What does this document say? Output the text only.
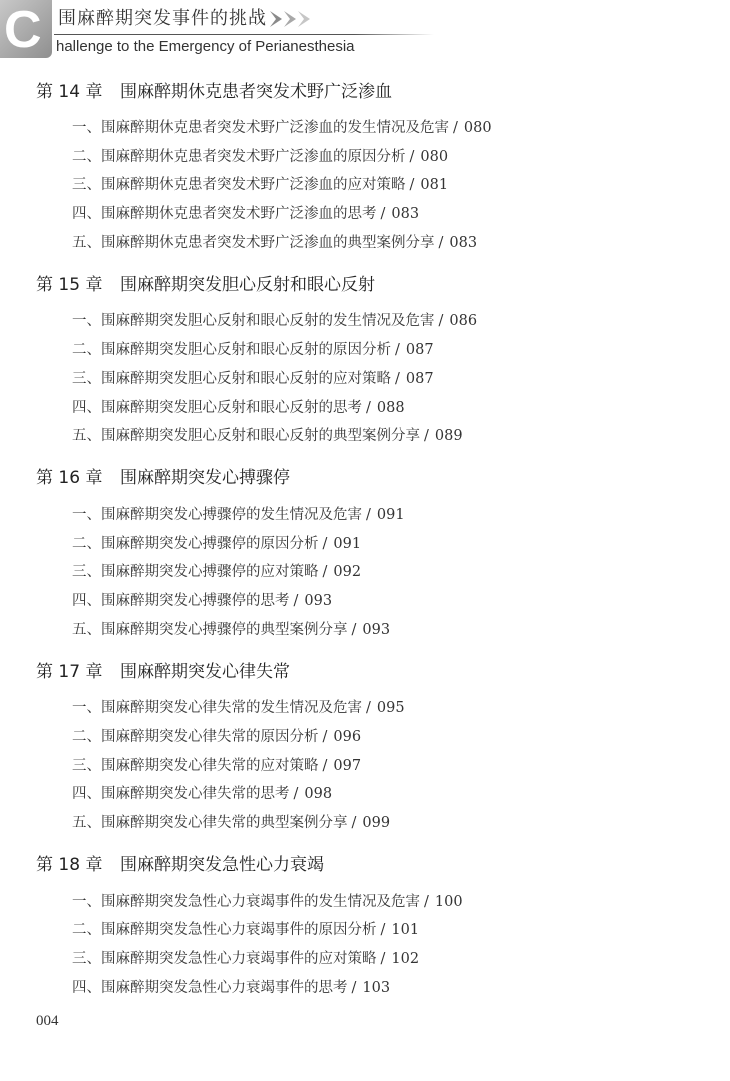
C 围麻醉期突发事件的挑战
hallenge to the Emergency of Perianesthesia
第 14 章	围麻醉期休克患者突发术野广泛渗血
一、围麻醉期休克患者突发术野广泛渗血的发生情况及危害 / 080
二、围麻醉期休克患者突发术野广泛渗血的原因分析 / 080
三、围麻醉期休克患者突发术野广泛渗血的应对策略 / 081
四、围麻醉期休克患者突发术野广泛渗血的思考 / 083
五、围麻醉期休克患者突发术野广泛渗血的典型案例分享 / 083
第 15 章	围麻醉期突发胆心反射和眼心反射
一、围麻醉期突发胆心反射和眼心反射的发生情况及危害 / 086
二、围麻醉期突发胆心反射和眼心反射的原因分析 / 087
三、围麻醉期突发胆心反射和眼心反射的应对策略 / 087
四、围麻醉期突发胆心反射和眼心反射的思考 / 088
五、围麻醉期突发胆心反射和眼心反射的典型案例分享 / 089
第 16 章	围麻醉期突发心搏骤停
一、围麻醉期突发心搏骤停的发生情况及危害 / 091
二、围麻醉期突发心搏骤停的原因分析 / 091
三、围麻醉期突发心搏骤停的应对策略 / 092
四、围麻醉期突发心搏骤停的思考 / 093
五、围麻醉期突发心搏骤停的典型案例分享 / 093
第 17 章	围麻醉期突发心律失常
一、围麻醉期突发心律失常的发生情况及危害 / 095
二、围麻醉期突发心律失常的原因分析 / 096
三、围麻醉期突发心律失常的应对策略 / 097
四、围麻醉期突发心律失常的思考 / 098
五、围麻醉期突发心律失常的典型案例分享 / 099
第 18 章	围麻醉期突发急性心力衰竭
一、围麻醉期突发急性心力衰竭事件的发生情况及危害 / 100
二、围麻醉期突发急性心力衰竭事件的原因分析 / 101
三、围麻醉期突发急性心力衰竭事件的应对策略 / 102
四、围麻醉期突发急性心力衰竭事件的思考 / 103
004
